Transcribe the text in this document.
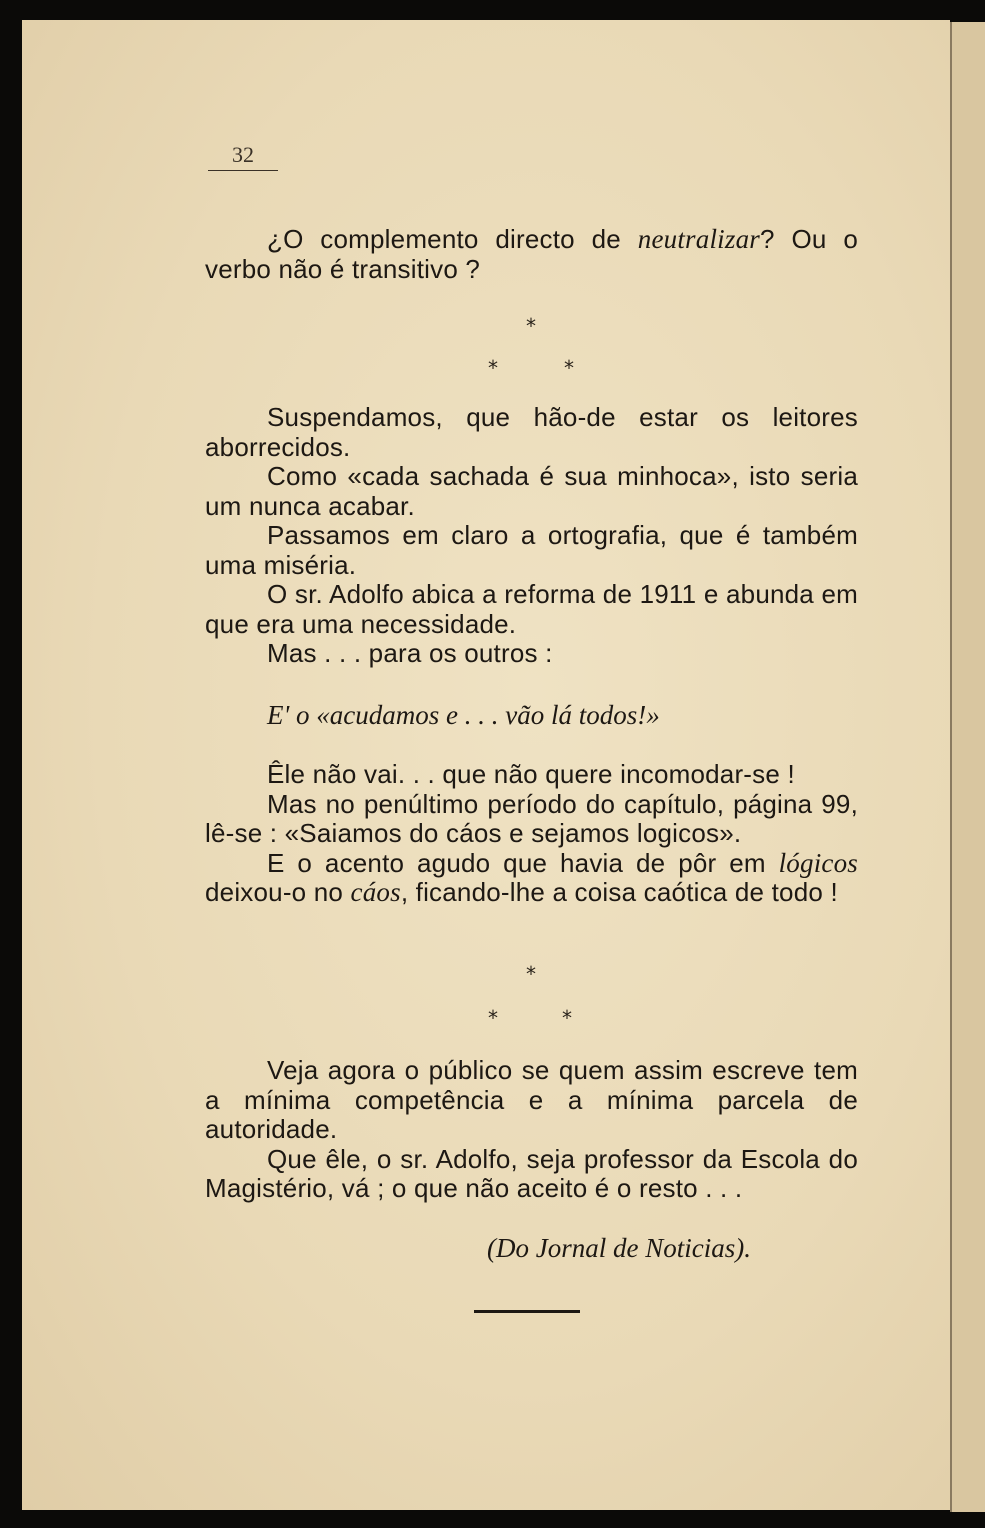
32

¿O complemento directo de neutralizar? Ou o verbo não é transitivo ?

*
*	*

Suspendamos, que hão-de estar os leitores aborrecidos.

Como «cada sachada é sua minhoca», isto seria um nunca acabar.

Passamos em claro a ortografia, que é também uma miséria.

O sr. Adolfo abica a reforma de 1911 e abunda em que era uma necessidade.

Mas . . . para os outros :

E' o «acudamos e . . . vão lá todos!»

Êle não vai. . . que não quere incomodar-se !

Mas no penúltimo período do capítulo, página 99, lê-se : «Saiamos do cáos e sejamos logicos».

E o acento agudo que havia de pôr em lógicos deixou-o no cáos, ficando-lhe a coisa caótica de todo !

*
*	*

Veja agora o público se quem assim escreve tem a mínima competência e a mínima parcela de autoridade.

Que êle, o sr. Adolfo, seja professor da Escola do Magistério, vá ; o que não aceito é o resto . . .

(Do Jornal de Noticias).
